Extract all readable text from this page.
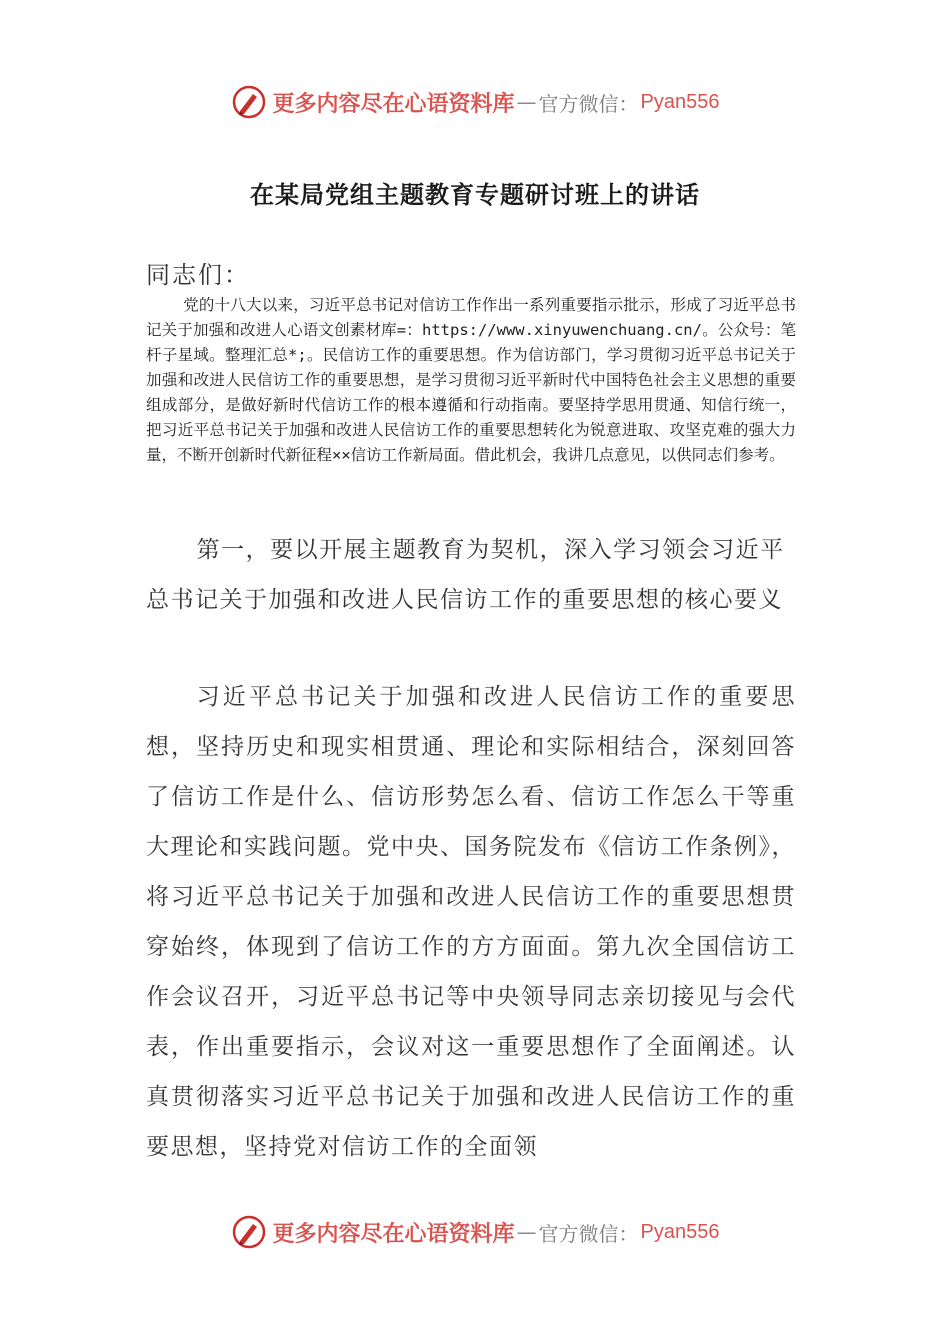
更多内容尽在心语资料库 — 官方微信： Pyan556
在某局党组主题教育专题研讨班上的讲话
同志们：
党的十八大以来，习近平总书记对信访工作作出一系列重要指示批示，形成了习近平总书记关于加强和改进人心语文创素材库=：https://www.xinyuwenchuang.cn/。公众号：笔杆子星域。整理汇总*;。民信访工作的重要思想。作为信访部门，学习贯彻习近平总书记关于加强和改进人民信访工作的重要思想，是学习贯彻习近平新时代中国特色社会主义思想的重要组成部分，是做好新时代信访工作的根本遵循和行动指南。要坚持学思用贯通、知信行统一，把习近平总书记关于加强和改进人民信访工作的重要思想转化为锐意进取、攻坚克难的强大力量，不断开创新时代新征程××信访工作新局面。借此机会，我讲几点意见，以供同志们参考。
第一，要以开展主题教育为契机，深入学习领会习近平总书记关于加强和改进人民信访工作的重要思想的核心要义
习近平总书记关于加强和改进人民信访工作的重要思想，坚持历史和现实相贯通、理论和实际相结合，深刻回答了信访工作是什么、信访形势怎么看、信访工作怎么干等重大理论和实践问题。党中央、国务院发布《信访工作条例》，将习近平总书记关于加强和改进人民信访工作的重要思想贯穿始终，体现到了信访工作的方方面面。第九次全国信访工作会议召开，习近平总书记等中央领导同志亲切接见与会代表，作出重要指示，会议对这一重要思想作了全面阐述。认真贯彻落实习近平总书记关于加强和改进人民信访工作的重要思想，坚持党对信访工作的全面领
更多内容尽在心语资料库 — 官方微信： Pyan556
